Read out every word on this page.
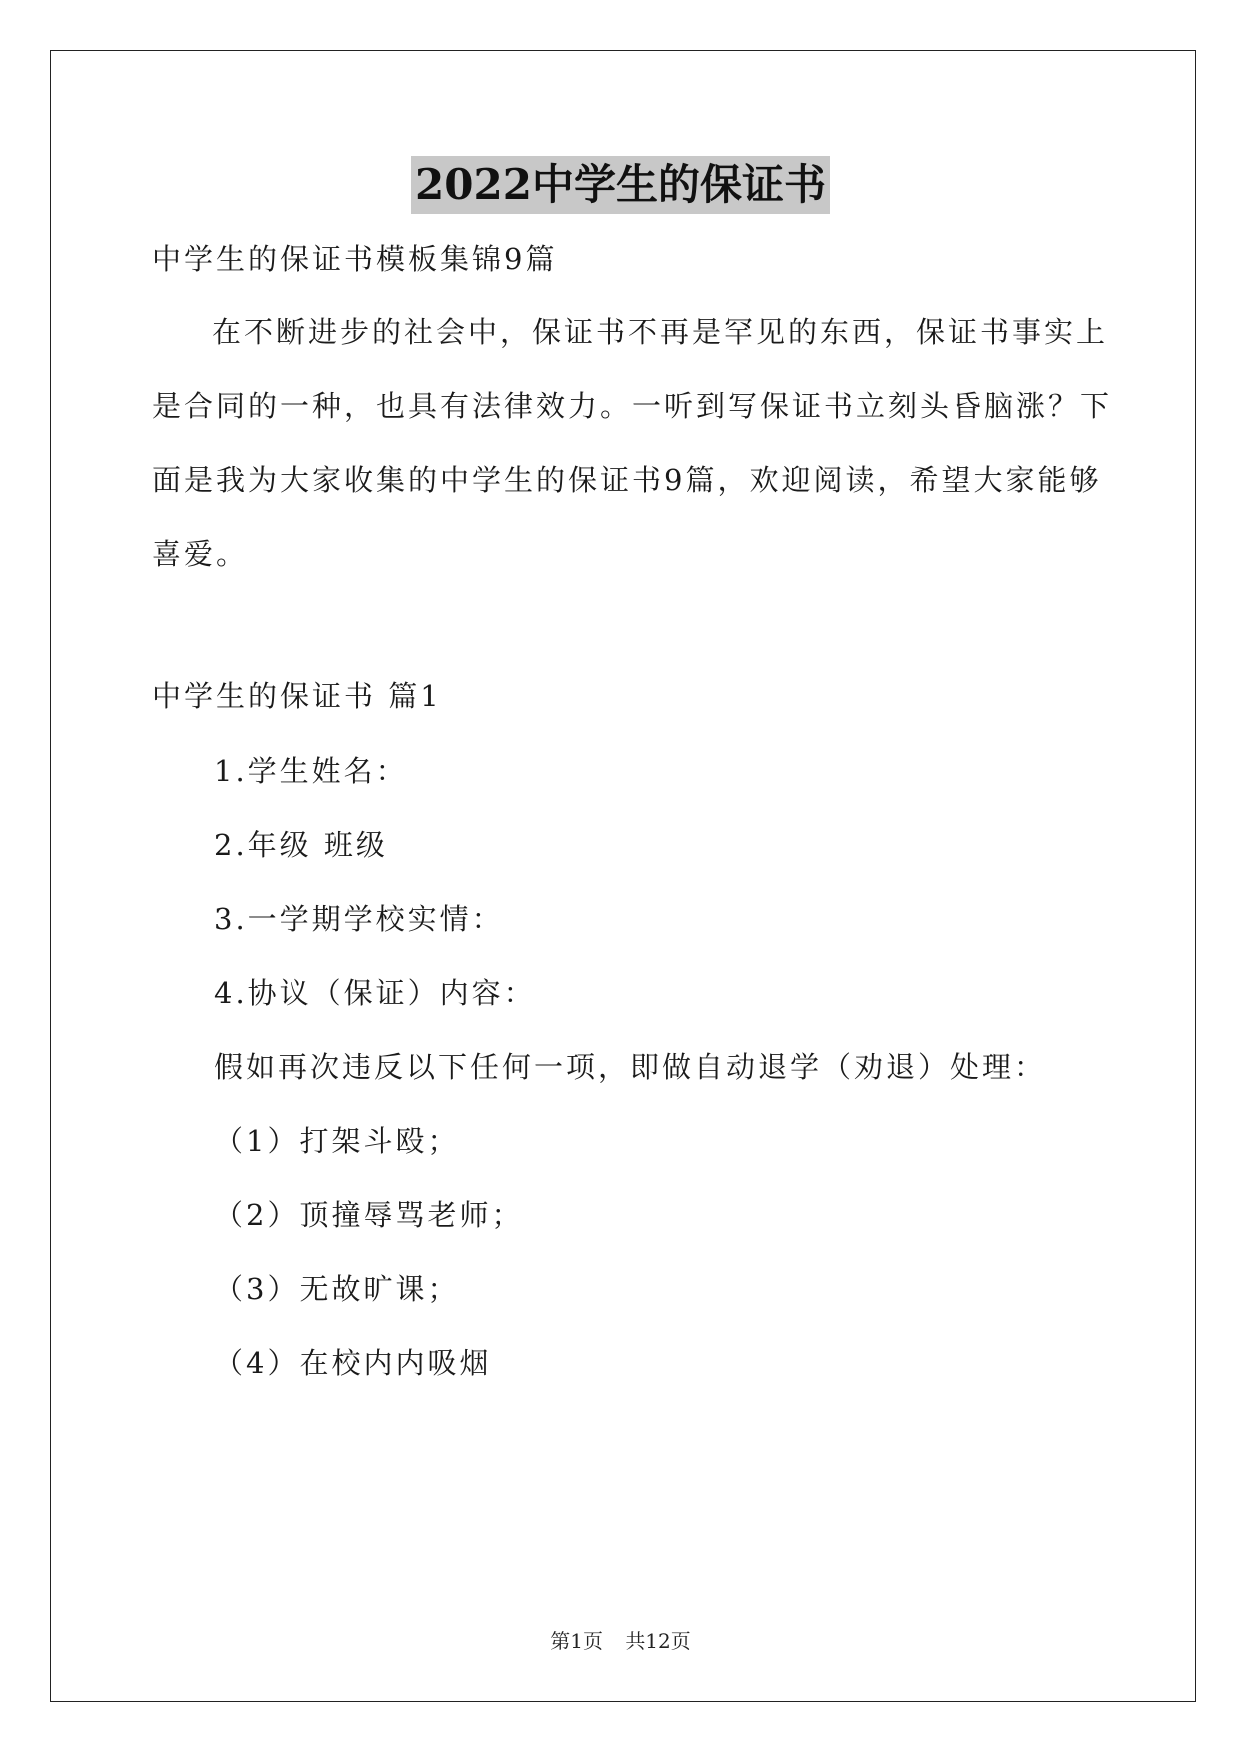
2022中学生的保证书
中学生的保证书模板集锦9篇
在不断进步的社会中，保证书不再是罕见的东西，保证书事实上
是合同的一种，也具有法律效力。一听到写保证书立刻头昏脑涨？下
面是我为大家收集的中学生的保证书9篇，欢迎阅读，希望大家能够
喜爱。
中学生的保证书 篇1
1.学生姓名：
2.年级 班级
3.一学期学校实情：
4.协议（保证）内容：
假如再次违反以下任何一项，即做自动退学（劝退）处理：
（1）打架斗殴；
（2）顶撞辱骂老师；
（3）无故旷课；
（4）在校内内吸烟
第1页 共12页
